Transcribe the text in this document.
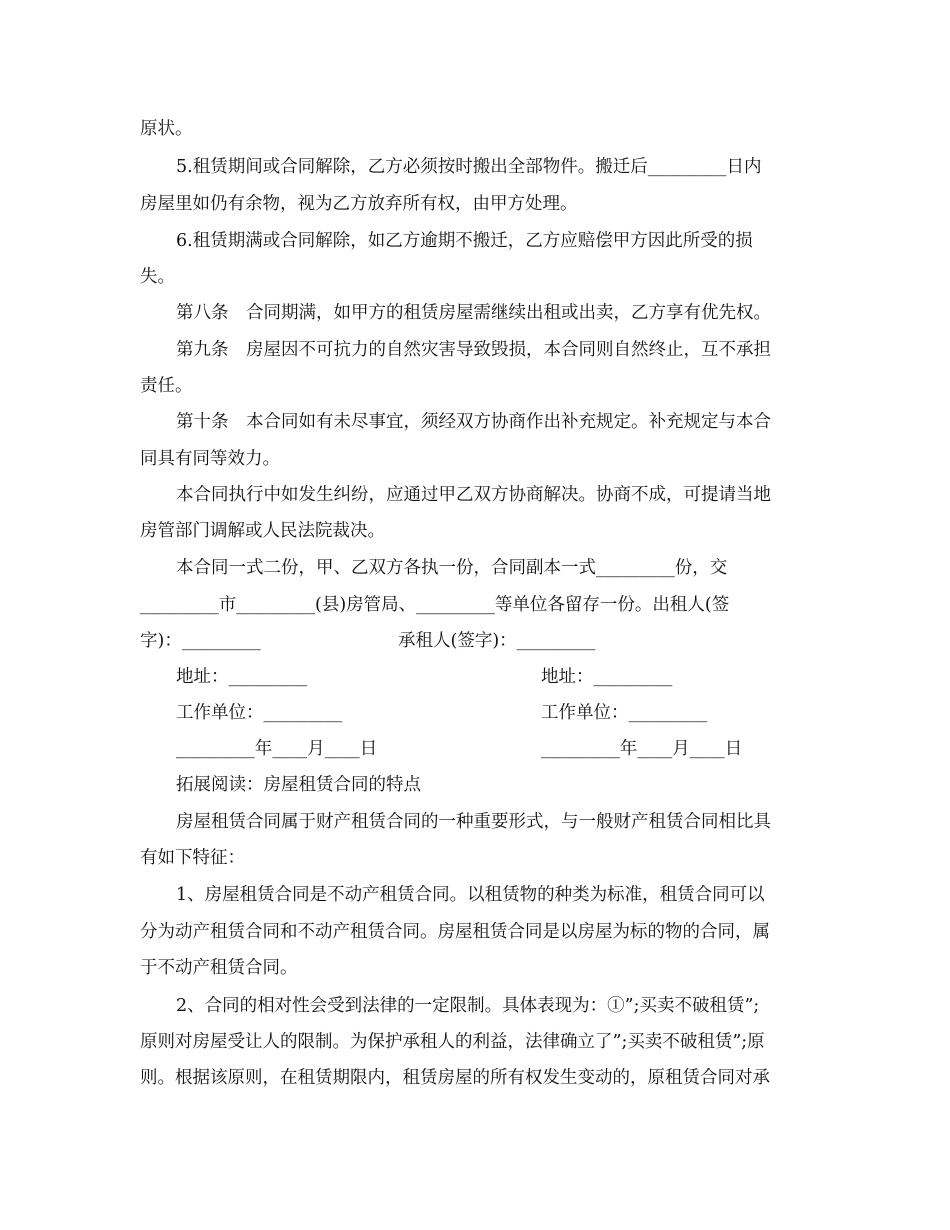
原状。
5.租赁期间或合同解除，乙方必须按时搬出全部物件。搬迁后_________日内
房屋里如仍有余物，视为乙方放弃所有权，由甲方处理。
6.租赁期满或合同解除，如乙方逾期不搬迁，乙方应赔偿甲方因此所受的损
失。
第八条　合同期满，如甲方的租赁房屋需继续出租或出卖，乙方享有优先权。
第九条　房屋因不可抗力的自然灾害导致毁损，本合同则自然终止，互不承担
责任。
第十条　本合同如有未尽事宜，须经双方协商作出补充规定。补充规定与本合
同具有同等效力。
本合同执行中如发生纠纷，应通过甲乙双方协商解决。协商不成，可提请当地
房管部门调解或人民法院裁决。
本合同一式二份，甲、乙双方各执一份，合同副本一式_________份，交
_________市_________(县)房管局、_________等单位各留存一份。出租人(签
字)：_________	承租人(签字)：_________
地址：_________	地址：_________
工作单位：_________	工作单位：_________
_________年____月____日	_________年____月____日
拓展阅读：房屋租赁合同的特点
房屋租赁合同属于财产租赁合同的一种重要形式，与一般财产租赁合同相比具
有如下特征：
1、房屋租赁合同是不动产租赁合同。以租赁物的种类为标准，租赁合同可以
分为动产租赁合同和不动产租赁合同。房屋租赁合同是以房屋为标的物的合同，属
于不动产租赁合同。
2、合同的相对性会受到法律的一定限制。具体表现为：①”;买卖不破租赁”;
原则对房屋受让人的限制。为保护承租人的利益，法律确立了”;买卖不破租赁”;原
则。根据该原则，在租赁期限内，租赁房屋的所有权发生变动的，原租赁合同对承
